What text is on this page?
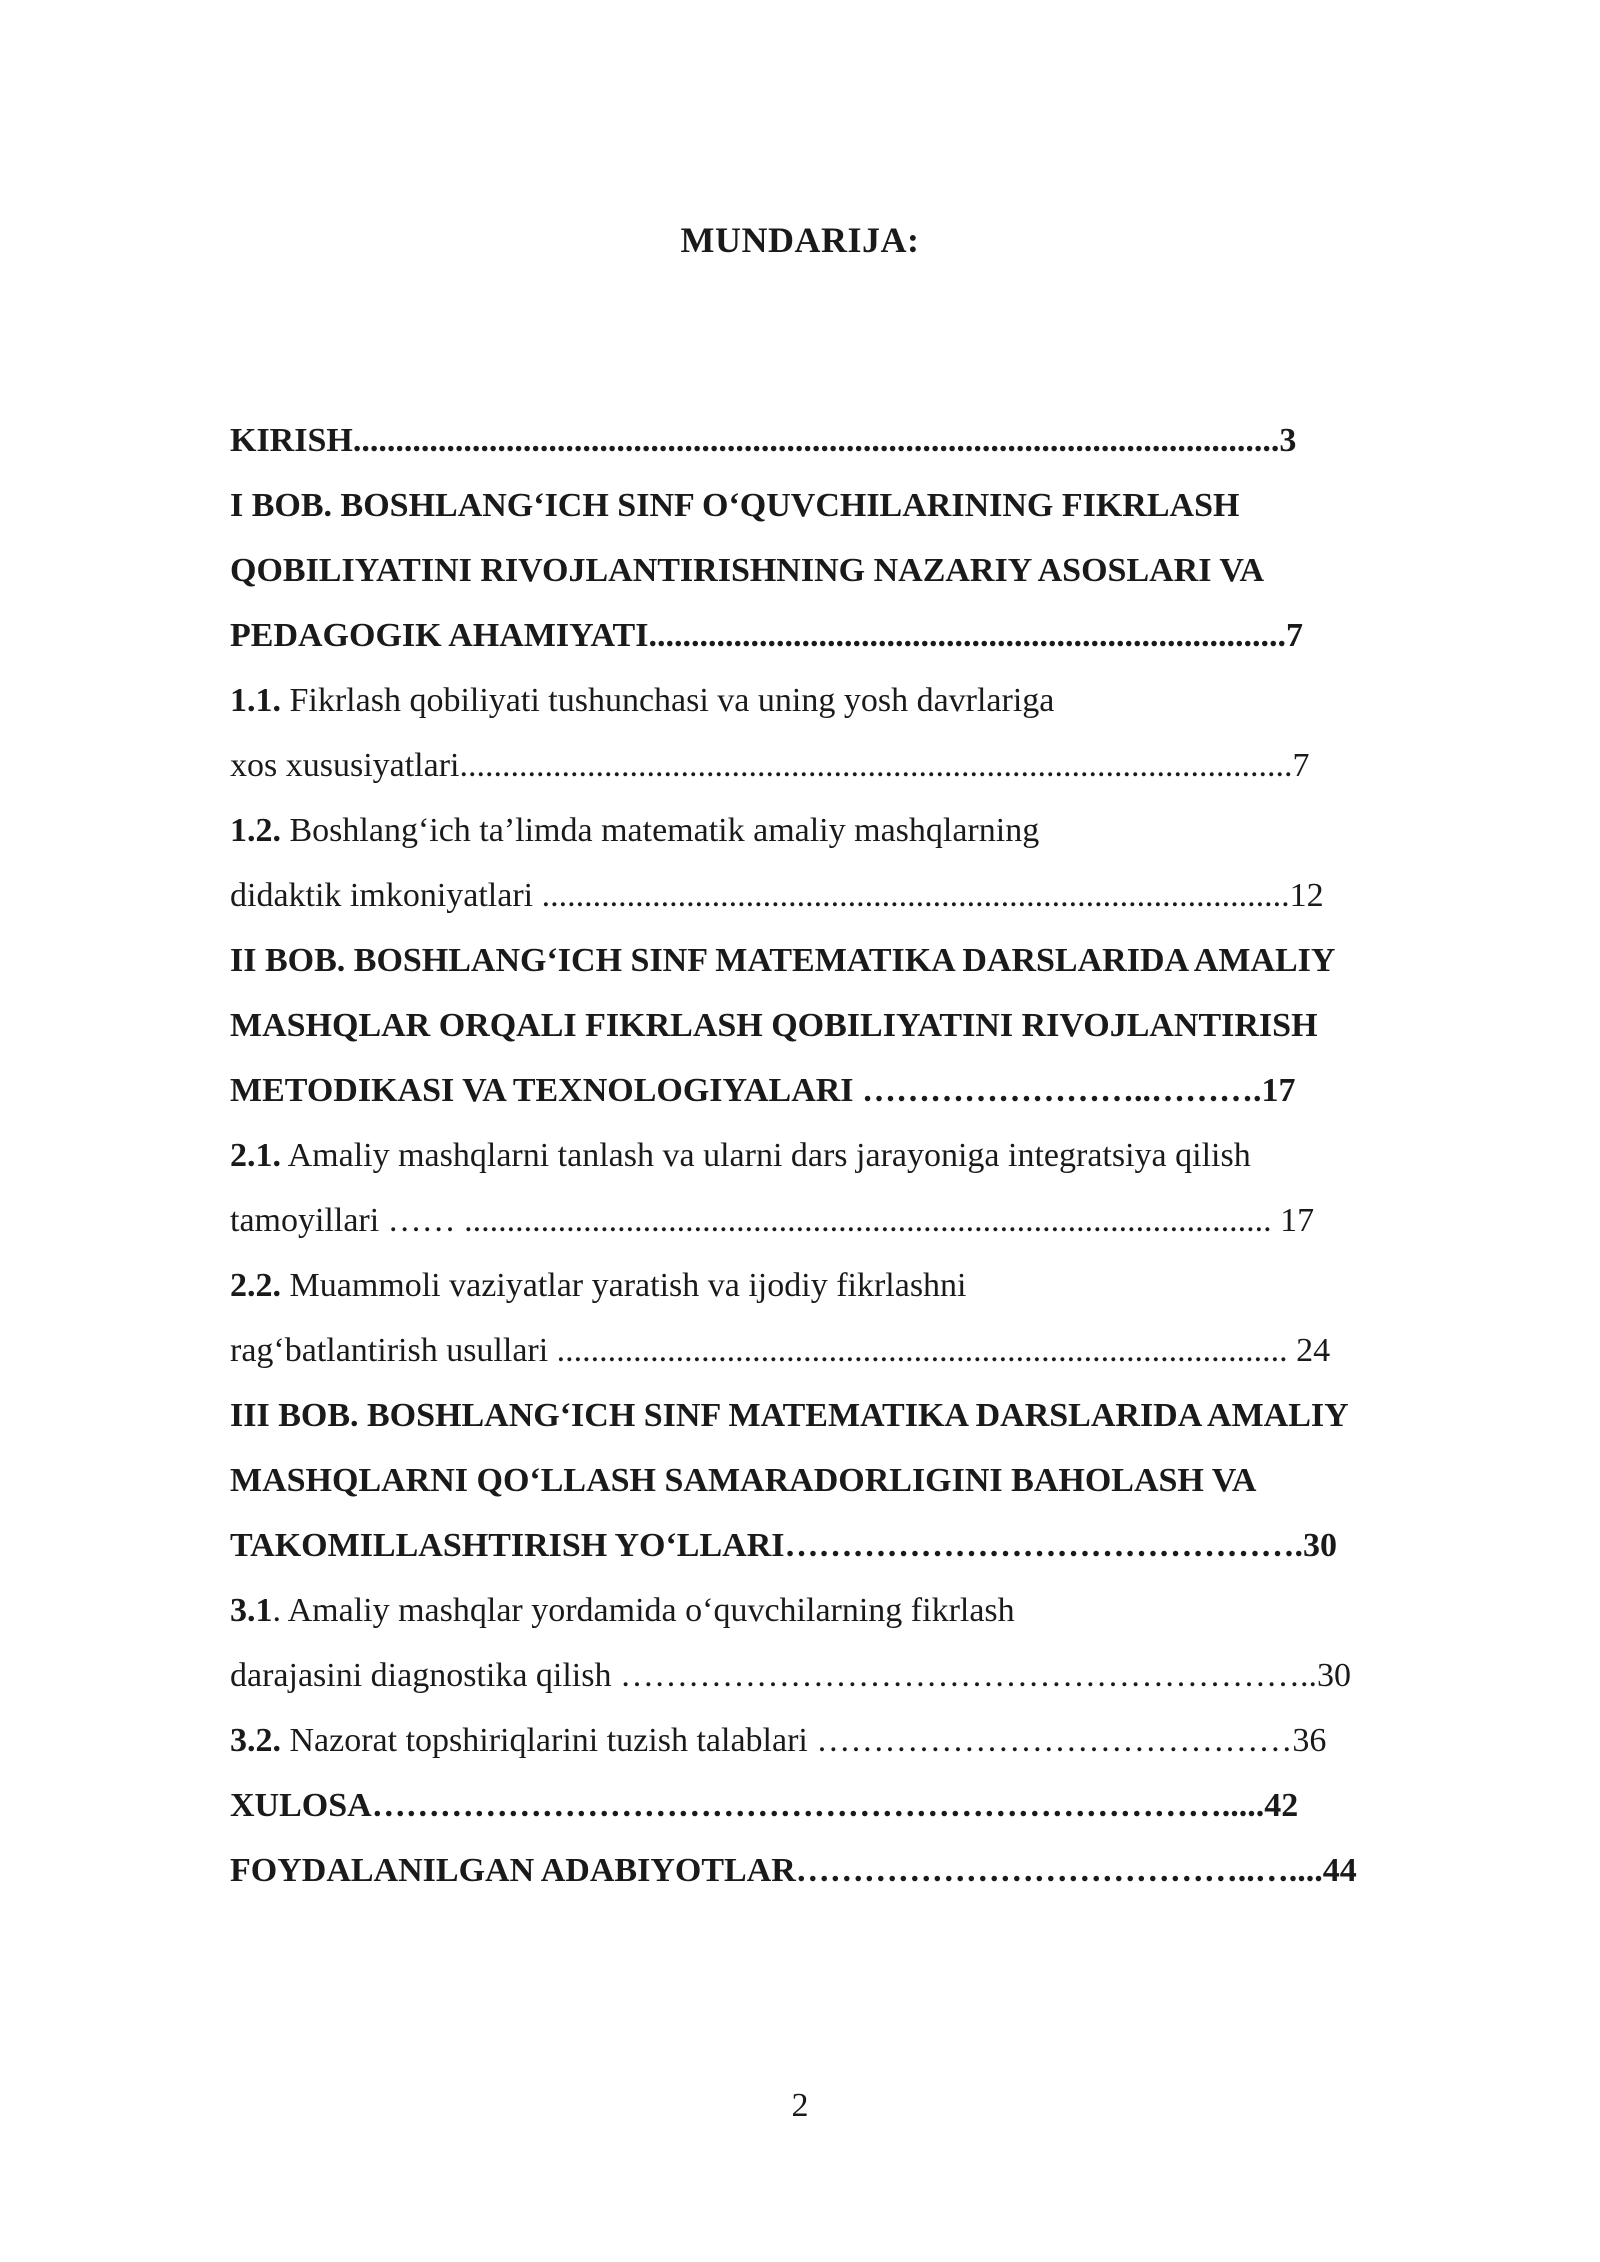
MUNDARIJA:
KIRISH.............................................................................................................3
I BOB. BOSHLANG‘ICH SINF O‘QUVCHILARINING FIKRLASH
QOBILIYATINI RIVOJLANTIRISHNING NAZARIY ASOSLARI VA
PEDAGOGIK AHAMIYATI...........................................................................7
1.1. Fikrlash qobiliyati tushunchasi va uning yosh davrlariga
xos xususiyatlari..................................................................................................7
1.2. Boshlang‘ich ta’limda matematik amaliy mashqlarning
didaktik imkoniyatlari ........................................................................................12
II BOB. BOSHLANG‘ICH SINF MATEMATIKA DARSLARIDA AMALIY
MASHQLAR ORQALI FIKRLASH QOBILIYATINI RIVOJLANTIRISH
METODIKASI VA TEXNOLOGIYALARI ……………………..……….17
2.1. Amaliy mashqlarni tanlash va ularni dars jarayoniga integratsiya qilish
tamoyillari …… ............................................................................................... 17
2.2. Muammoli vaziyatlar yaratish va ijodiy fikrlashni
rag‘batlantirish usullari ...................................................................................... 24
III BOB. BOSHLANG‘ICH SINF MATEMATIKA DARSLARIDA AMALIY
MASHQLARNI QO‘LLASH SAMARADORLIGINI BAHOLASH VA
TAKOMILLASHTIRISH YO‘LLARI……………………………………….30
3.1. Amaliy mashqlar yordamida o‘quvchilarning fikrlash
darajasini diagnostika qilish ……………………………………………………..30
3.2. Nazorat topshiriqlarini tuzish talablari ……………………………………36
XULOSA………………………………………………………………….....42
FOYDALANILGAN ADABIYOTLAR…………………………………..…....44
2
